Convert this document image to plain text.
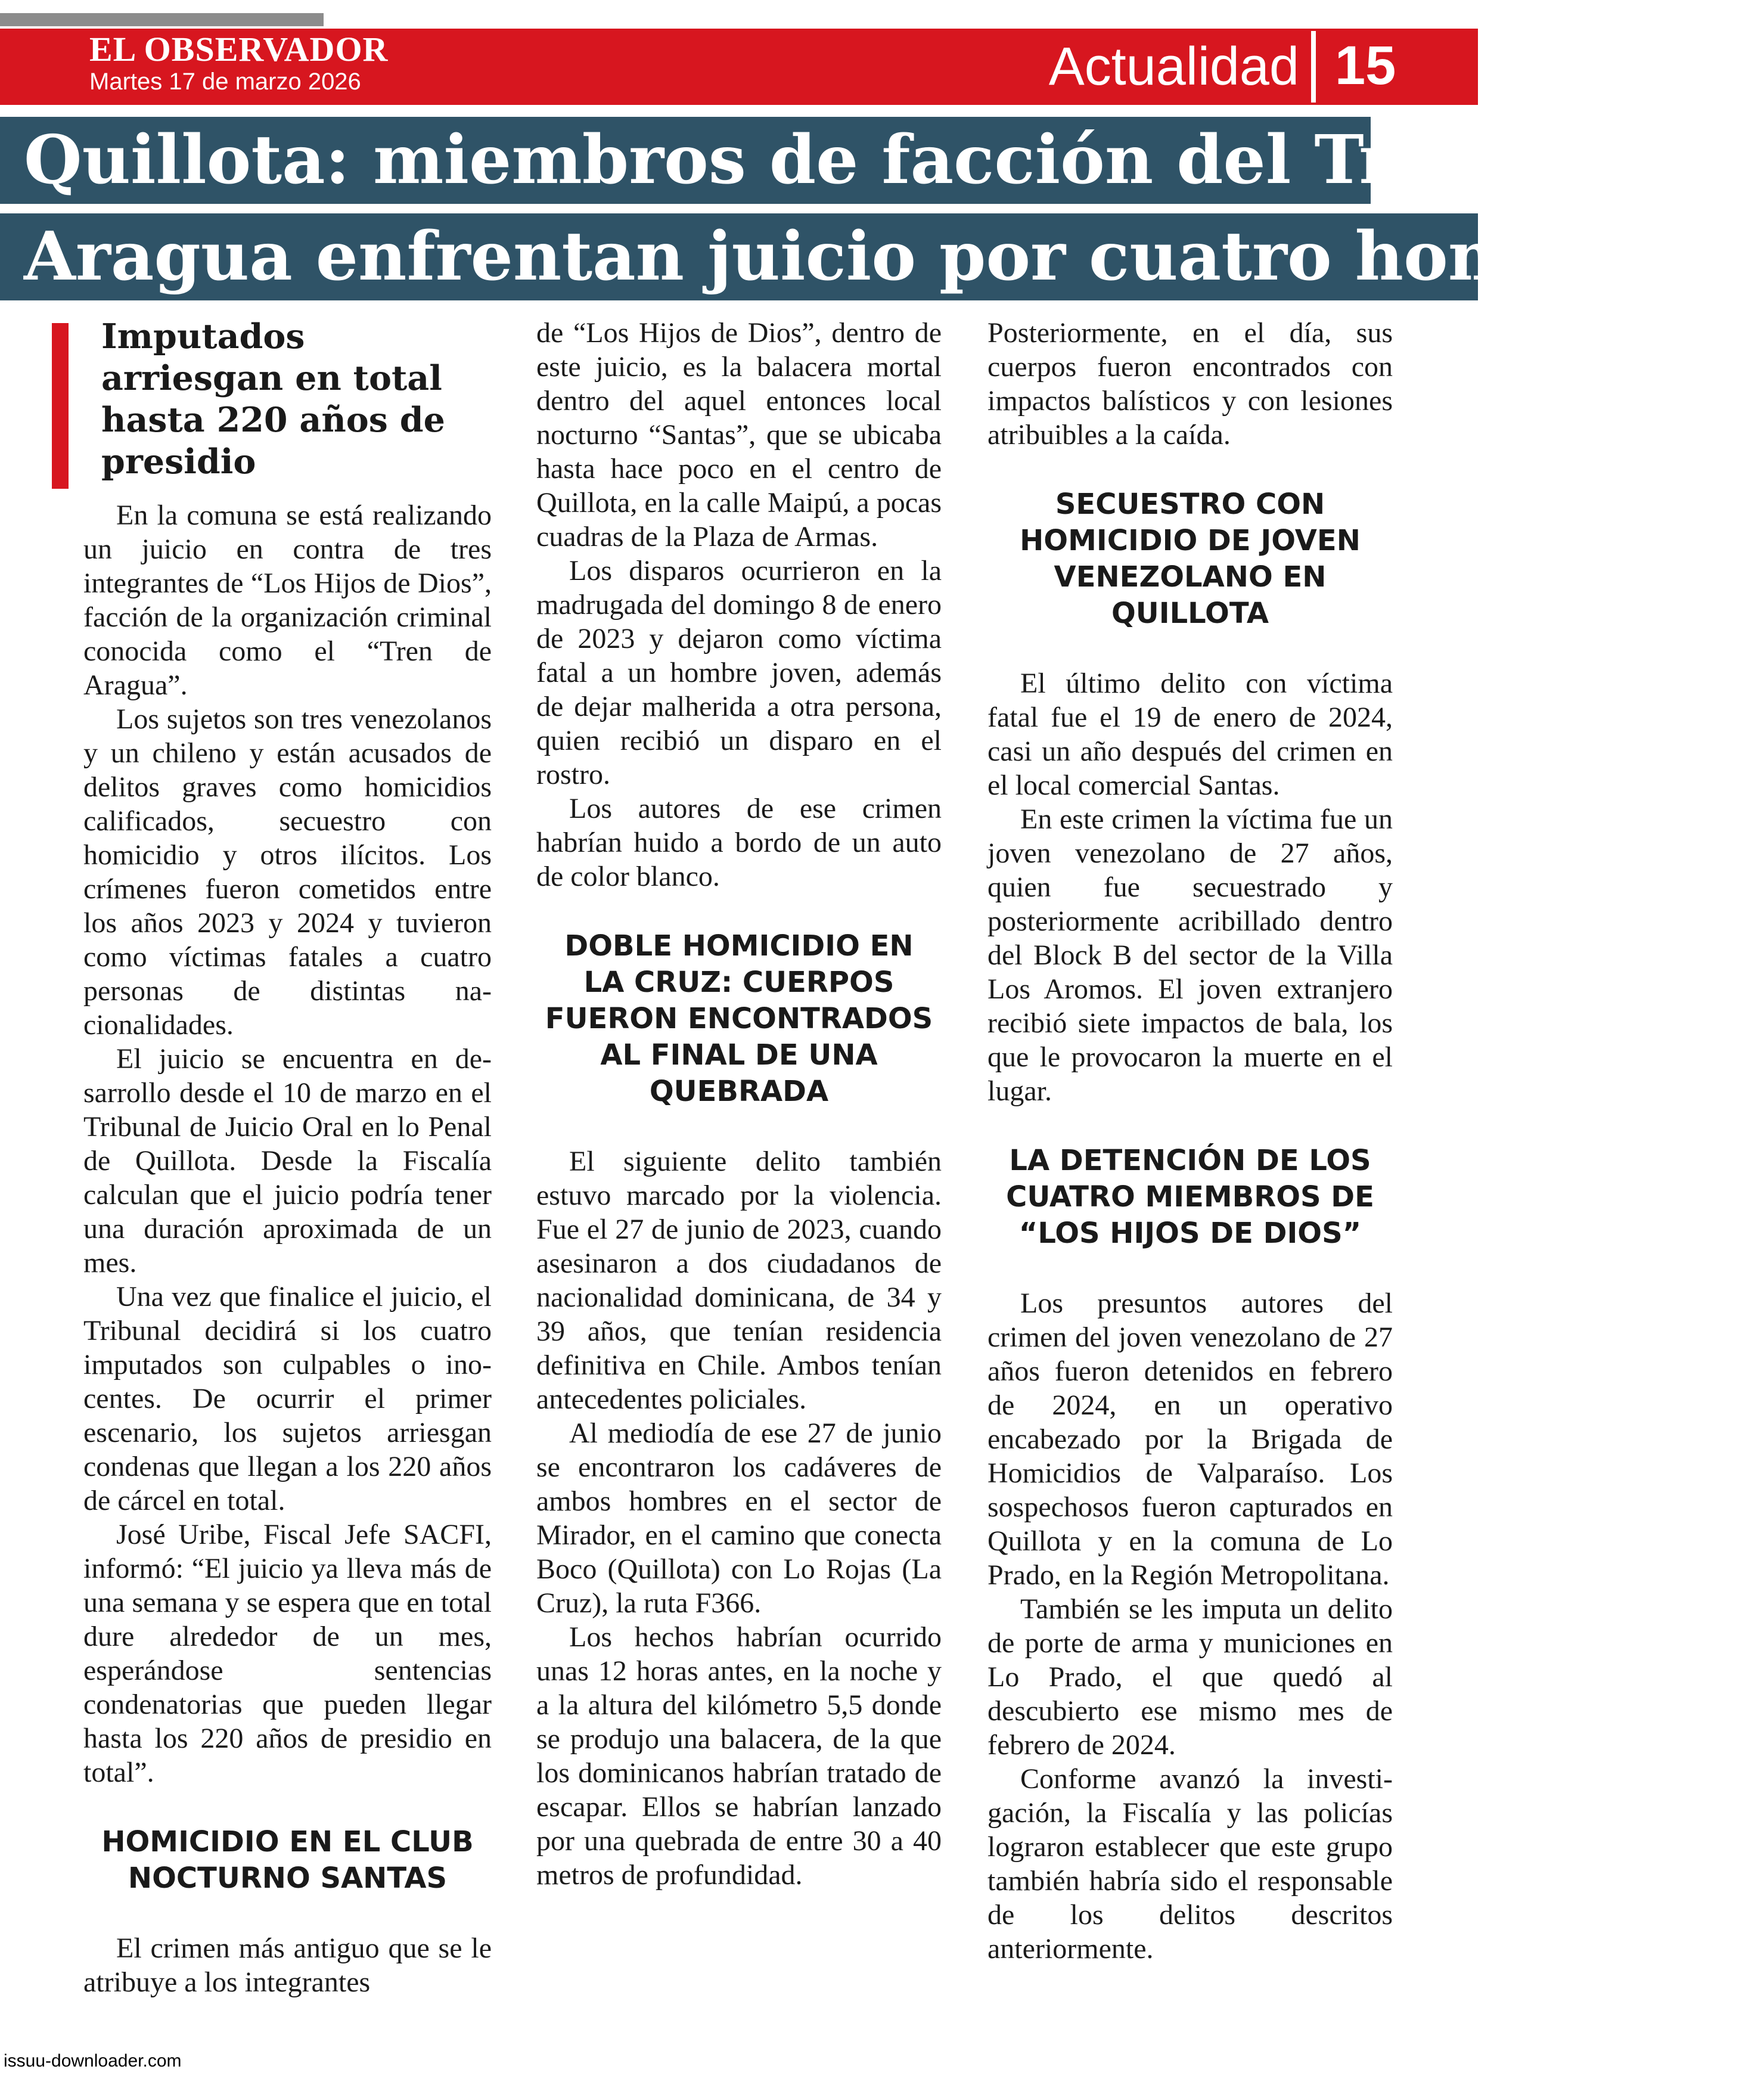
EL OBSERVADOR
Martes 17 de marzo 2026	Actualidad 15
Quillota: miembros de facción del Tren de
Aragua enfrentan juicio por cuatro homicidios
Imputados arriesgan en total hasta 220 años de presidio

En la comuna se está realizando un juicio en contra de tres integrantes de “Los Hijos de Dios”, facción de la organización criminal conocida como el “Tren de Aragua”.

Los sujetos son tres venezolanos y un chileno y están acusados de delitos graves como homicidios calificados, secuestro con homicidio y otros ilícitos. Los crímenes fueron cometidos entre los años 2023 y 2024 y tuvieron como víctimas fatales a cuatro personas de distintas nacionalidades.

El juicio se encuentra en desarrollo desde el 10 de marzo en el Tribunal de Juicio Oral en lo Penal de Quillota. Desde la Fiscalía calculan que el juicio podría tener una duración aproximada de un mes.

Una vez que finalice el juicio, el Tribunal decidirá si los cuatro imputados son culpables o inocentes. De ocurrir el primer escenario, los sujetos arriesgan condenas que llegan a los 220 años de cárcel en total.

José Uribe, Fiscal Jefe SACFI, informó: “El juicio ya lleva más de una semana y se espera que en total dure alrededor de un mes, esperándose sentencias condenatorias que pueden llegar hasta los 220 años de presidio en total”.

HOMICIDIO EN EL CLUB NOCTURNO SANTAS

El crimen más antiguo que se le atribuye a los integrantes

de “Los Hijos de Dios”, dentro de este juicio, es la balacera mortal dentro del aquel entonces local nocturno “Santas”, que se ubicaba hasta hace poco en el centro de Quillota, en la calle Maipú, a pocas cuadras de la Plaza de Armas.

Los disparos ocurrieron en la madrugada del domingo 8 de enero de 2023 y dejaron como víctima fatal a un hombre joven, además de dejar malherida a otra persona, quien recibió un disparo en el rostro.

Los autores de ese crimen habrían huido a bordo de un auto de color blanco.

DOBLE HOMICIDIO EN LA CRUZ: CUERPOS FUERON ENCONTRADOS AL FINAL DE UNA QUEBRADA

El siguiente delito también estuvo marcado por la violencia. Fue el 27 de junio de 2023, cuando asesinaron a dos ciudadanos de nacionalidad dominicana, de 34 y 39 años, que tenían residencia definitiva en Chile. Ambos tenían antecedentes policiales.

Al mediodía de ese 27 de junio se encontraron los cadáveres de ambos hombres en el sector de Mirador, en el camino que conecta Boco (Quillota) con Lo Rojas (La Cruz), la ruta F366.

Los hechos habrían ocurrido unas 12 horas antes, en la noche y a la altura del kilómetro 5,5 donde se produjo una balacera, de la que los dominicanos habrían tratado de escapar. Ellos se habrían lanzado por una quebrada de entre 30 a 40 metros de profundidad.

Posteriormente, en el día, sus cuerpos fueron encontrados con impactos balísticos y con lesiones atribuibles a la caída.

SECUESTRO CON HOMICIDIO DE JOVEN VENEZOLANO EN QUILLOTA

El último delito con víctima fatal fue el 19 de enero de 2024, casi un año después del crimen en el local comercial Santas.

En este crimen la víctima fue un joven venezolano de 27 años, quien fue secuestrado y posteriormente acribillado dentro del Block B del sector de la Villa Los Aromos. El joven extranjero recibió siete impactos de bala, los que le provocaron la muerte en el lugar.

LA DETENCIÓN DE LOS CUATRO MIEMBROS DE “LOS HIJOS DE DIOS”

Los presuntos autores del crimen del joven venezolano de 27 años fueron detenidos en febrero de 2024, en un operativo encabezado por la Brigada de Homicidios de Valparaíso. Los sospechosos fueron capturados en Quillota y en la comuna de Lo Prado, en la Región Metropolitana.

También se les imputa un delito de porte de arma y municiones en Lo Prado, el que quedó al descubierto ese mismo mes de febrero de 2024.

Conforme avanzó la investigación, la Fiscalía y las policías lograron establecer que este grupo también habría sido el responsable de los delitos descritos anteriormente.

issuu-downloader.com
